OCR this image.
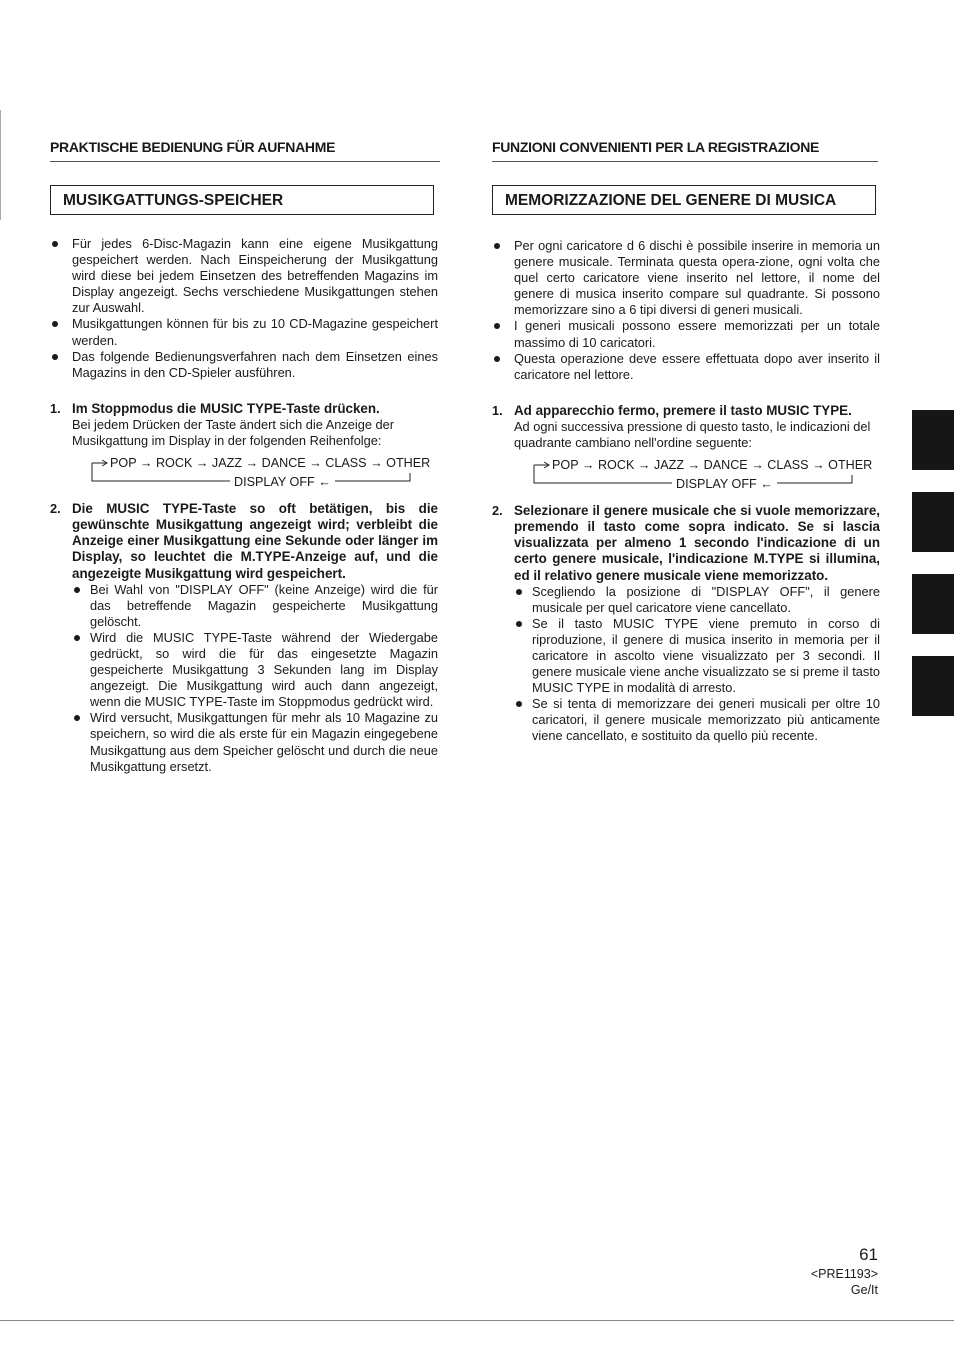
PRAKTISCHE BEDIENUNG FÜR AUFNAHME
MUSIKGATTUNGS-SPEICHER
Für jedes 6-Disc-Magazin kann eine eigene Musikgattung gespeichert werden. Nach Einspeicherung der Musikgattung wird diese bei jedem Einsetzen des betreffenden Magazins im Display angezeigt. Sechs verschiedene Musikgattungen stehen zur Auswahl.
Musikgattungen können für bis zu 10 CD-Magazine gespeichert werden.
Das folgende Bedienungsverfahren nach dem Einsetzen eines Magazins in den CD-Spieler ausführen.
1. Im Stoppmodus die MUSIC TYPE-Taste drücken.
Bei jedem Drücken der Taste ändert sich die Anzeige der Musikgattung im Display in der folgenden Reihenfolge:
POP → ROCK → JAZZ → DANCE → CLASS → OTHER
DISPLAY OFF ←
2. Die MUSIC TYPE-Taste so oft betätigen, bis die gewünschte Musikgattung angezeigt wird; verbleibt die Anzeige einer Musikgattung eine Sekunde oder länger im Display, so leuchtet die M.TYPE-Anzeige auf, und die angezeigte Musikgattung wird gespeichert.
Bei Wahl von "DISPLAY OFF" (keine Anzeige) wird die für das betreffende Magazin gespeicherte Musikgattung gelöscht.
Wird die MUSIC TYPE-Taste während der Wiedergabe gedrückt, so wird die für das eingesetzte Magazin gespeicherte Musikgattung 3 Sekunden lang im Display angezeigt. Die Musikgattung wird auch dann angezeigt, wenn die MUSIC TYPE-Taste im Stoppmodus gedrückt wird.
Wird versucht, Musikgattungen für mehr als 10 Magazine zu speichern, so wird die als erste für ein Magazin eingegebene Musikgattung aus dem Speicher gelöscht und durch die neue Musikgattung ersetzt.
FUNZIONI CONVENIENTI PER LA REGISTRAZIONE
MEMORIZZAZIONE DEL GENERE DI MUSICA
Per ogni caricatore d 6 dischi è possibile inserire in memoria un genere musicale. Terminata questa opera-zione, ogni volta che quel certo caricatore viene inserito nel lettore, il nome del genere di musica inserito compare sul quadrante. Si possono memorizzare sino a 6 tipi diversi di generi musicali.
I generi musicali possono essere memorizzati per un totale massimo di 10 caricatori.
Questa operazione deve essere effettuata dopo aver inserito il caricatore nel lettore.
1. Ad apparecchio fermo, premere il tasto MUSIC TYPE.
Ad ogni successiva pressione di questo tasto, le indicazioni del quadrante cambiano nell'ordine seguente:
POP → ROCK → JAZZ → DANCE → CLASS → OTHER
DISPLAY OFF ←
2. Selezionare il genere musicale che si vuole memorizzare, premendo il tasto come sopra indicato. Se si lascia visualizzata per almeno 1 secondo l'indicazione di un certo genere musicale, l'indicazione M.TYPE si illumina, ed il relativo genere musicale viene memorizzato.
Scegliendo la posizione di "DISPLAY OFF", il genere musicale per quel caricatore viene cancellato.
Se il tasto MUSIC TYPE viene premuto in corso di riproduzione, il genere di musica inserito in memoria per il caricatore in ascolto viene visualizzato per 3 secondi. Il genere musicale viene anche visualizzato se si preme il tasto MUSIC TYPE in modalità di arresto.
Se si tenta di memorizzare dei generi musicali per oltre 10 caricatori, il genere musicale memorizzato più anticamente viene cancellato, e sostituito da quello più recente.
61
<PRE1193>
Ge/It
